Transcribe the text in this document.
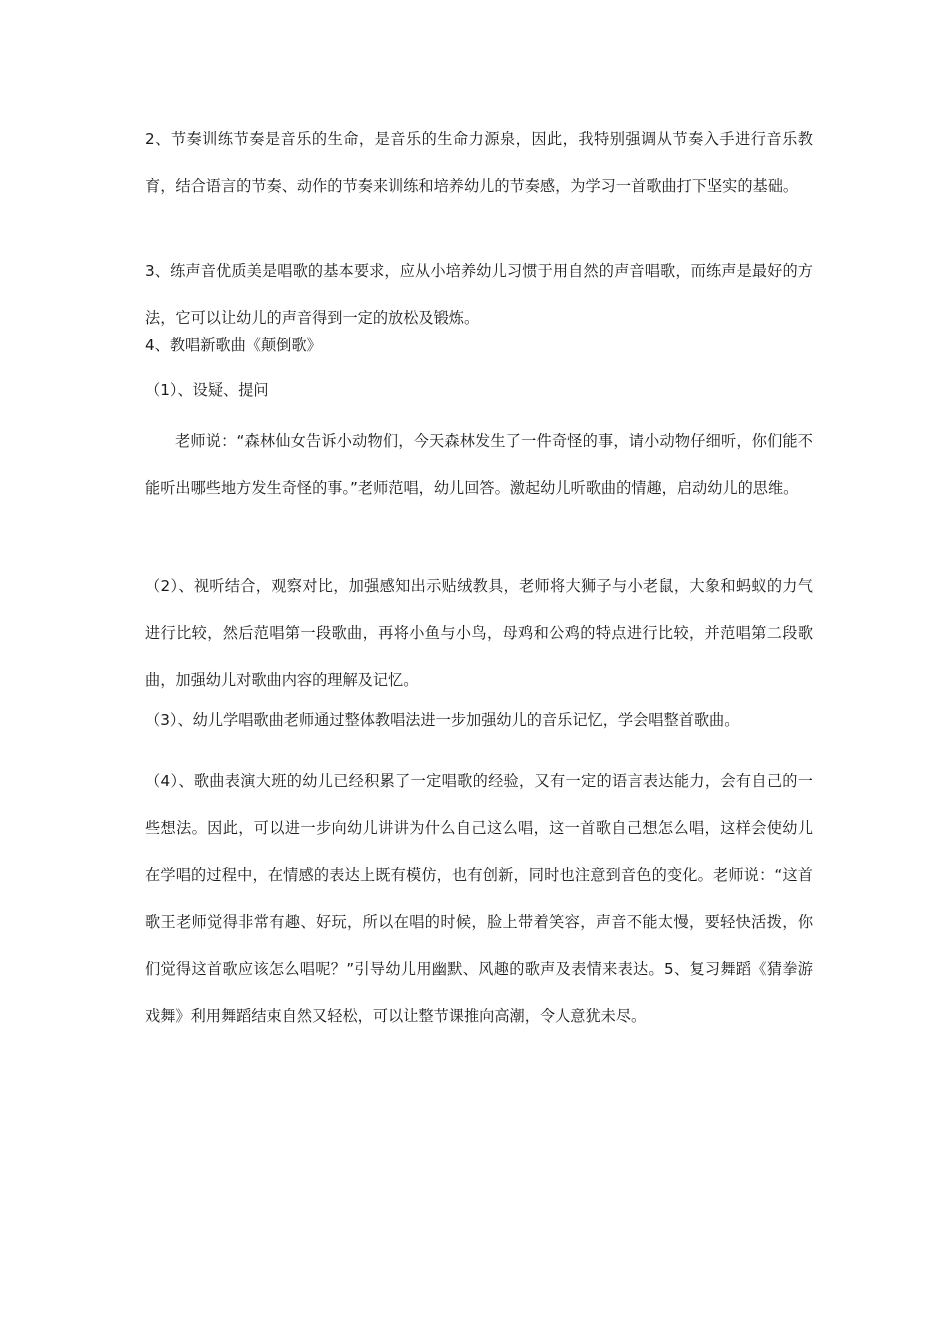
2、节奏训练节奏是音乐的生命，是音乐的生命力源泉，因此，我特别强调从节奏入手进行音乐教育，结合语言的节奏、动作的节奏来训练和培养幼儿的节奏感，为学习一首歌曲打下坚实的基础。

3、练声音优质美是唱歌的基本要求，应从小培养幼儿习惯于用自然的声音唱歌，而练声是最好的方法，它可以让幼儿的声音得到一定的放松及锻炼。

4、教唱新歌曲《颠倒歌》

（1）、设疑、提问

老师说：“森林仙女告诉小动物们，今天森林发生了一件奇怪的事，请小动物仔细听，你们能不能听出哪些地方发生奇怪的事。”老师范唱，幼儿回答。激起幼儿听歌曲的情趣，启动幼儿的思维。

（2）、视听结合，观察对比，加强感知出示贴绒教具，老师将大狮子与小老鼠，大象和蚂蚁的力气进行比较，然后范唱第一段歌曲，再将小鱼与小鸟，母鸡和公鸡的特点进行比较，并范唱第二段歌曲，加强幼儿对歌曲内容的理解及记忆。

（3）、幼儿学唱歌曲老师通过整体教唱法进一步加强幼儿的音乐记忆，学会唱整首歌曲。

（4）、歌曲表演大班的幼儿已经积累了一定唱歌的经验，又有一定的语言表达能力，会有自己的一些想法。因此，可以进一步向幼儿讲讲为什么自己这么唱，这一首歌自己想怎么唱，这样会使幼儿在学唱的过程中，在情感的表达上既有模仿，也有创新，同时也注意到音色的变化。老师说：“这首歌王老师觉得非常有趣、好玩，所以在唱的时候，脸上带着笑容，声音不能太慢，要轻快活拨，你们觉得这首歌应该怎么唱呢？”引导幼儿用幽默、风趣的歌声及表情来表达。5、复习舞蹈《猜拳游戏舞》利用舞蹈结束自然又轻松，可以让整节课推向高潮，令人意犹未尽。
